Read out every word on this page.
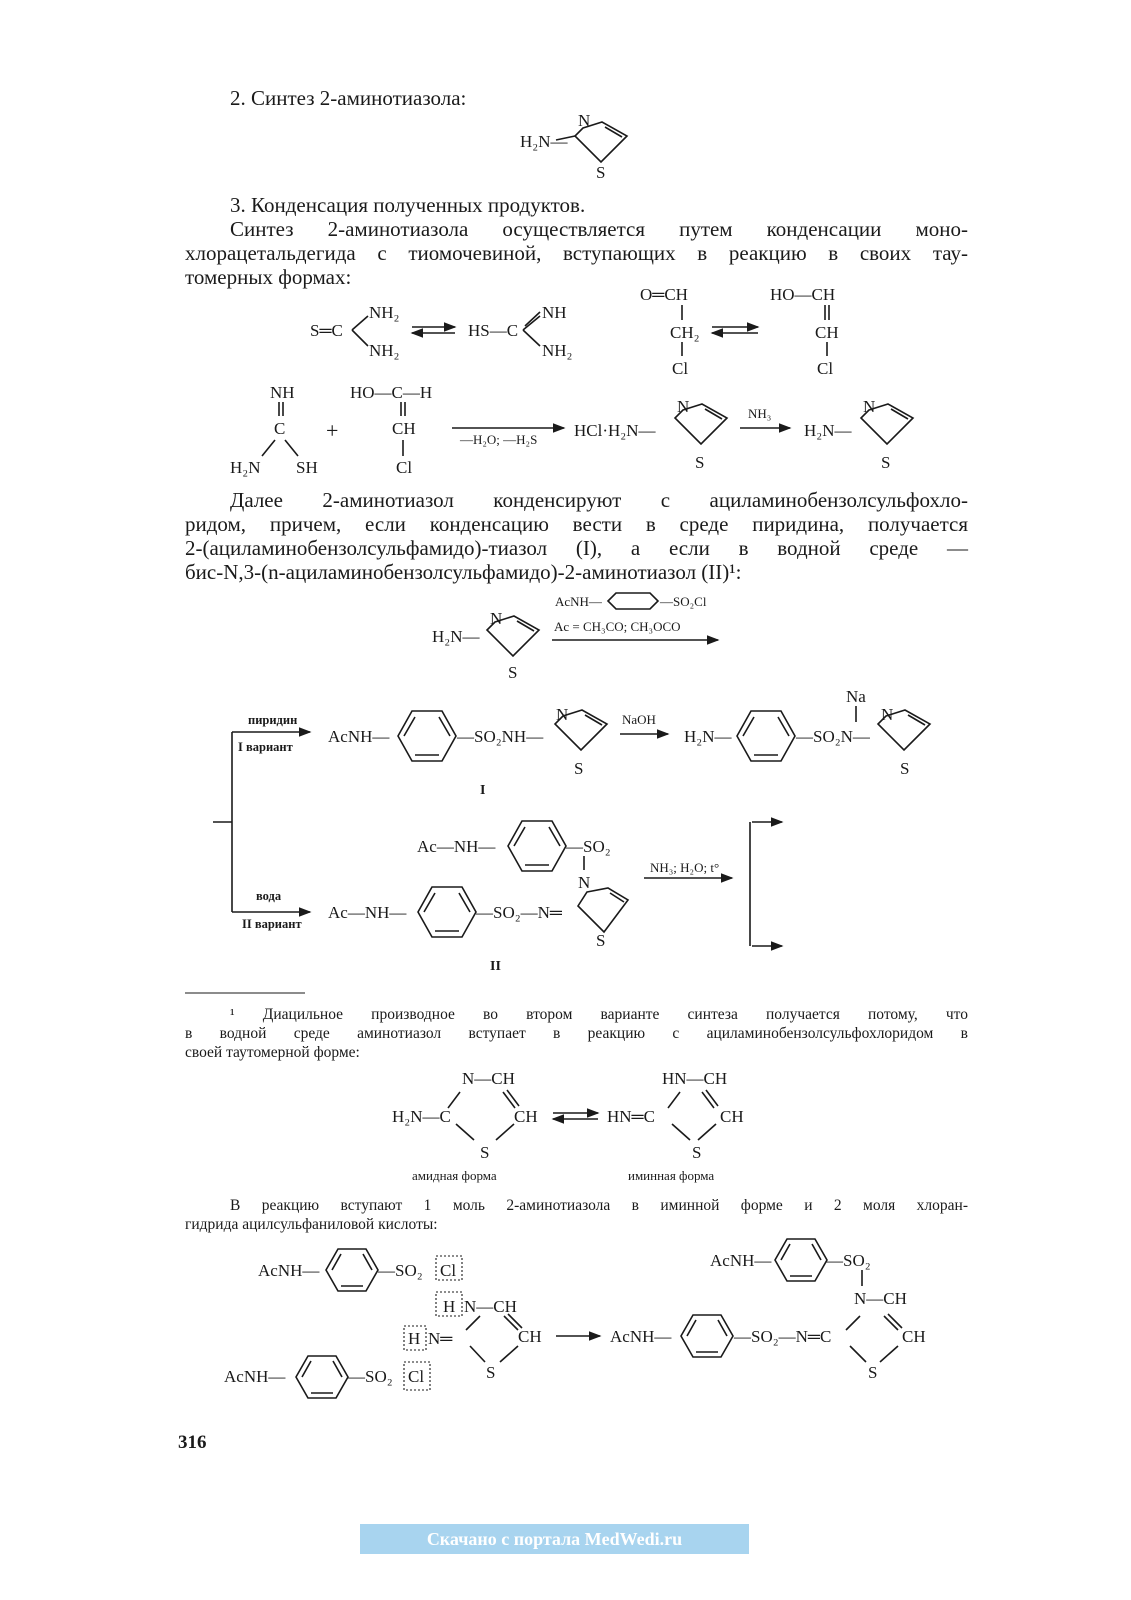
2. Синтез 2-аминотиазола:
3. Конденсация полученных продуктов.
Синтез 2-аминотиазола осуществляется путем конденсации моно-
хлорацетальдегида с тиомочевиной, вступающих в реакцию в своих тау-
томерных формах:
Далее 2-аминотиазол конденсируют с ациламинобензолсульфохло-
ридом, причем, если конденсацию вести в среде пиридина, получается
2-(ациламинобензолсульфамидо)-тиазол (I), а если в водной среде —
бис-N,3-(n-ациламинобензолсульфамидо)-2-аминотиазол (II)¹:
¹ Диацильное производное во втором варианте синтеза получается потому, что
в водной среде аминотиазол вступает в реакцию с ациламинобензолсульфохлоридом в
своей таутомерной форме:
В реакцию вступают 1 моль 2-аминотиазола в иминной форме и 2 моля хлоран-
гидрида ацилсульфаниловой кислоты:
316
Скачано с портала MedWedi.ru
H₂N—
N
S
S═C
NH₂
NH₂
HS—C
NH
NH₂
O═CH
CH₂
Cl
HO—CH
CH
Cl
NH
C
H₂N SH
+
HO—C—H
CH
Cl
HCl·H₂N—
N
S
H₂N—
N
S
—H₂O; —H₂S
NH₃
AcNH—	—SO₂Cl
Ac = CH₃CO; CH₃OCO
NaOH
NH₃; H₂O; t°
H₂N—
N
S
AcNH—	—SO₂NH—
N
S
I
H₂N—	—SO₂N—
Na
N
S
Ac—NH—	—SO₂
N
Ac—NH—	—SO₂—N═
S
II
пиридин
I вариант
вода
II вариант
N—CH
H₂N—C	CH
S
HN—CH
HN═C	CH
S
амидная форма	иминная форма
AcNH—	—SO₂ Cl
H N—CH
H N═	CH
S
AcNH—	—SO₂ Cl
AcNH—	—SO₂—N═C	CH
S
AcNH—	—SO₂
N—CH
